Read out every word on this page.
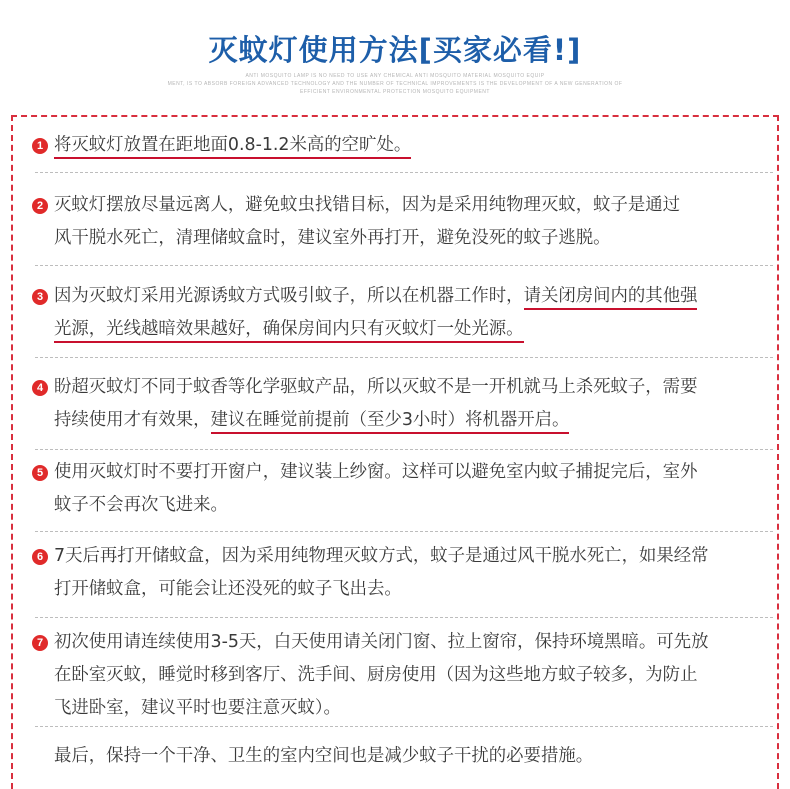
灭蚊灯使用方法[买家必看!]
ANTI MOSQUITO LAMP IS NO NEED TO USE ANY CHEMICAL ANTI MOSQUITO MATERIAL MOSQUITO EQUIP
MENT, IS TO ABSORB FOREIGN ADVANCED TECHNOLOGY AND THE NUMBER OF TECHNICAL IMPROVEMENTS IS THE DEVELOPMENT OF A NEW GENERATION OF
EFFICIENT ENVIRONMENTAL PROTECTION MOSQUITO EQUIPMENT
1 将灭蚊灯放置在距地面0.8-1.2米高的空旷处。
2 灭蚊灯摆放尽量远离人，避免蚊虫找错目标，因为是采用纯物理灭蚊，蚊子是通过
风干脱水死亡，清理储蚊盒时，建议室外再打开，避免没死的蚊子逃脱。
3 因为灭蚊灯采用光源诱蚊方式吸引蚊子，所以在机器工作时，请关闭房间内的其他强
光源，光线越暗效果越好，确保房间内只有灭蚊灯一处光源。
4 盼超灭蚊灯不同于蚊香等化学驱蚊产品，所以灭蚊不是一开机就马上杀死蚊子，需要
持续使用才有效果，建议在睡觉前提前（至少3小时）将机器开启。
5 使用灭蚊灯时不要打开窗户，建议装上纱窗。这样可以避免室内蚊子捕捉完后，室外
蚊子不会再次飞进来。
6 7天后再打开储蚊盒，因为采用纯物理灭蚊方式，蚊子是通过风干脱水死亡，如果经常
打开储蚊盒，可能会让还没死的蚊子飞出去。
7 初次使用请连续使用3-5天，白天使用请关闭门窗、拉上窗帘，保持环境黑暗。可先放
在卧室灭蚊，睡觉时移到客厅、洗手间、厨房使用（因为这些地方蚊子较多，为防止
飞进卧室，建议平时也要注意灭蚊）。
最后，保持一个干净、卫生的室内空间也是减少蚊子干扰的必要措施。
